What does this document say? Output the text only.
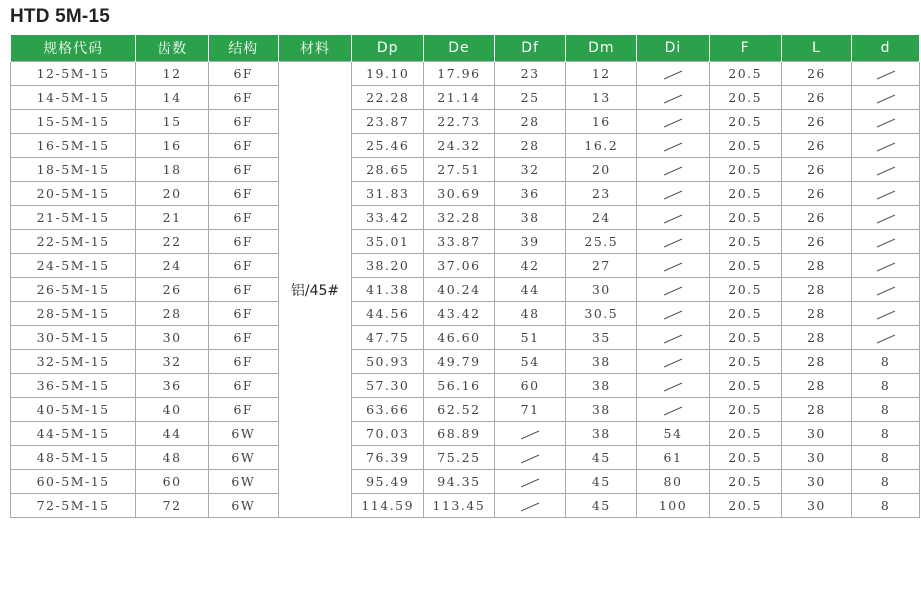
HTD 5M-15
规格代码	齿数	结构	材料	Dp	De	Df	Dm	Di	F	L	d
12-5M-15	12	6F	铝/45#	19.10	17.96	23	12		20.5	26	

14-5M-15	14	6F		22.28	21.14	25	13		20.5	26	

15-5M-15	15	6F		23.87	22.73	28	16		20.5	26	

16-5M-15	16	6F		25.46	24.32	28	16.2		20.5	26	

18-5M-15	18	6F		28.65	27.51	32	20		20.5	26	

20-5M-15	20	6F		31.83	30.69	36	23		20.5	26	

21-5M-15	21	6F		33.42	32.28	38	24		20.5	26	

22-5M-15	22	6F		35.01	33.87	39	25.5		20.5	26	

24-5M-15	24	6F		38.20	37.06	42	27		20.5	28	

26-5M-15	26	6F		41.38	40.24	44	30		20.5	28	

28-5M-15	28	6F		44.56	43.42	48	30.5		20.5	28	

30-5M-15	30	6F		47.75	46.60	51	35		20.5	28	

32-5M-15	32	6F		50.93	49.79	54	38		20.5	28	8
36-5M-15	36	6F		57.30	56.16	60	38		20.5	28	8
40-5M-15	40	6F		63.66	62.52	71	38		20.5	28	8
44-5M-15	44	6W		70.03	68.89		38	54	20.5	30	8
48-5M-15	48	6W		76.39	75.25		45	61	20.5	30	8
60-5M-15	60	6W		95.49	94.35		45	80	20.5	30	8
72-5M-15	72	6W		114.59	113.45		45	100	20.5	30	8
